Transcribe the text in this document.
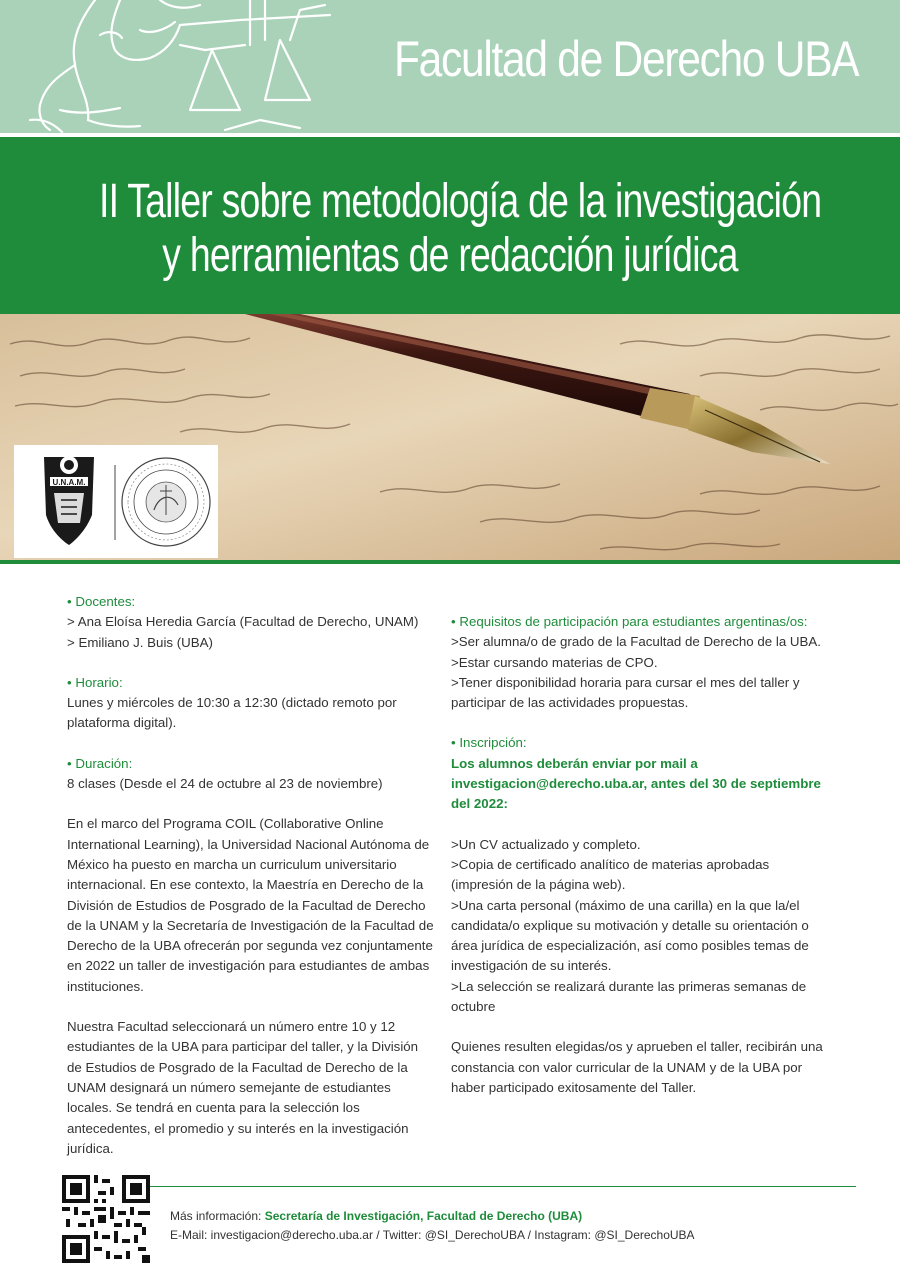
Facultad de Derecho UBA
II Taller sobre metodología de la investigación
y herramientas de redacción jurídica
U.N.A.M.
• Docentes:
> Ana Eloísa Heredia García (Facultad de Derecho, UNAM)
> Emiliano J. Buis (UBA)
• Horario:
Lunes y miércoles de 10:30 a 12:30 (dictado remoto por
plataforma digital).
• Duración:
8 clases (Desde el 24 de octubre al 23 de noviembre)
En el marco del Programa COIL (Collaborative Online
International Learning), la Universidad Nacional Autónoma de
México ha puesto en marcha un curriculum universitario
internacional. En ese contexto, la Maestría en Derecho de la
División de Estudios de Posgrado de la Facultad de Derecho
de la UNAM y la Secretaría de Investigación de la Facultad de
Derecho de la UBA ofrecerán por segunda vez conjuntamente
en 2022 un taller de investigación para estudiantes de ambas
instituciones.
Nuestra Facultad seleccionará un número entre 10 y 12
estudiantes de la UBA para participar del taller, y la División
de Estudios de Posgrado de la Facultad de Derecho de la
UNAM designará un número semejante de estudiantes
locales. Se tendrá en cuenta para la selección los
antecedentes, el promedio y su interés en la investigación
jurídica.
• Requisitos de participación para estudiantes argentinas/os:
>Ser alumna/o de grado de la Facultad de Derecho de la UBA.
>Estar cursando materias de CPO.
>Tener disponibilidad horaria para cursar el mes del taller y
participar de las actividades propuestas.
• Inscripción:
Los alumnos deberán enviar por mail a
investigacion@derecho.uba.ar, antes del 30 de septiembre
del 2022:
>Un CV actualizado y completo.
>Copia de certificado analítico de materias aprobadas
(impresión de la página web).
>Una carta personal (máximo de una carilla) en la que la/el
candidata/o explique su motivación y detalle su orientación o
área jurídica de especialización, así como posibles temas de
investigación de su interés.
>La selección se realizará durante las primeras semanas de
octubre
Quienes resulten elegidas/os y aprueben el taller, recibirán una
constancia con valor curricular de la UNAM y de la UBA por
haber participado exitosamente del Taller.
Más información: Secretaría de Investigación, Facultad de Derecho (UBA)
E-Mail: investigacion@derecho.uba.ar / Twitter: @SI_DerechoUBA / Instagram: @SI_DerechoUBA
